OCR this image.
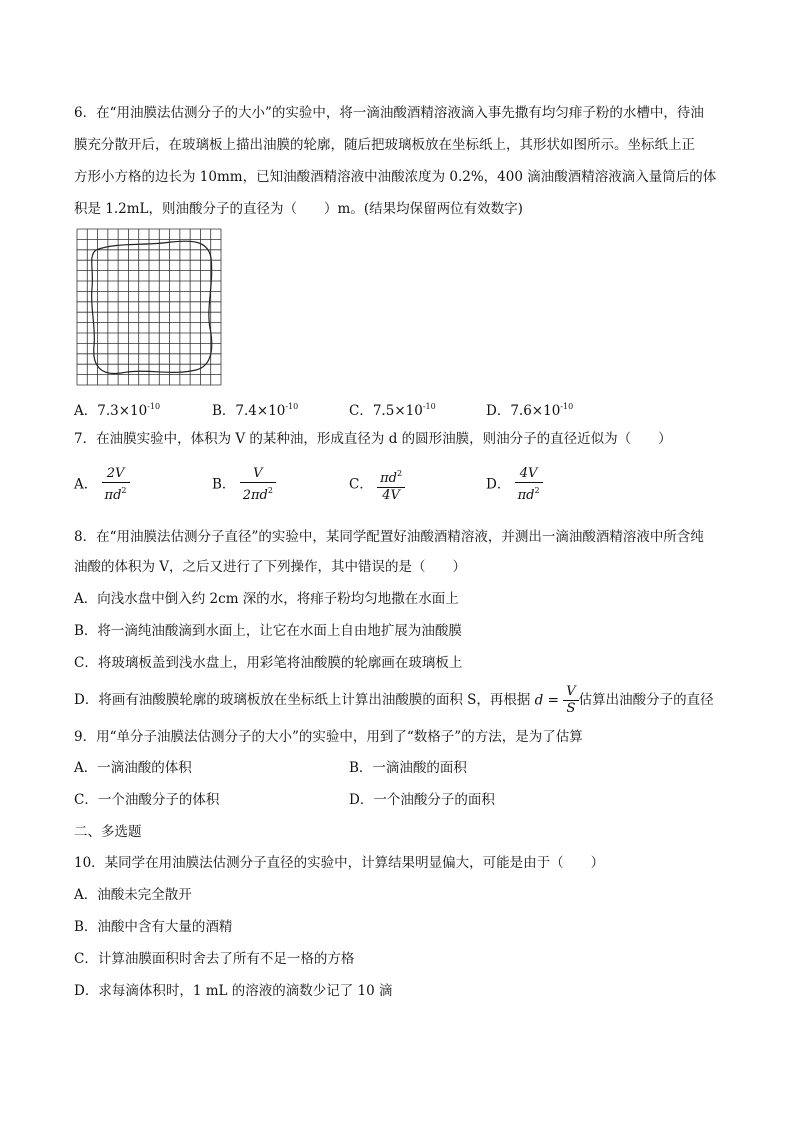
6．在“用油膜法估测分子的大小”的实验中，将一滴油酸酒精溶液滴入事先撒有均匀痱子粉的水槽中，待油
膜充分散开后，在玻璃板上描出油膜的轮廓，随后把玻璃板放在坐标纸上，其形状如图所示。坐标纸上正
方形小方格的边长为 10mm，已知油酸酒精溶液中油酸浓度为 0.2%，400 滴油酸酒精溶液滴入量筒后的体
积是 1.2mL，则油酸分子的直径为（　　）m。(结果均保留两位有效数字)
A．$7.3\times 10^{-10}$	B．$7.4\times 10^{-10}$	C．$7.5\times 10^{-10}$	D．$7.6\times 10^{-10}$
7．在油膜实验中，体积为 V 的某种油，形成直径为 d 的圆形油膜，则油分子的直径近似为（　　）
A． $\frac{2V}{\pi d^2}$	B． $\frac{V}{2\pi d^2}$	C． $\frac{\pi d^2}{4V}$	D． $\frac{4V}{\pi d^2}$
8．在“用油膜法估测分子直径”的实验中，某同学配置好油酸酒精溶液，并测出一滴油酸酒精溶液中所含纯
油酸的体积为 V，之后又进行了下列操作，其中错误的是（　　）
A．向浅水盘中倒入约 2cm 深的水，将痱子粉均匀地撒在水面上
B．将一滴纯油酸滴到水面上，让它在水面上自由地扩展为油酸膜
C．将玻璃板盖到浅水盘上，用彩笔将油酸膜的轮廓画在玻璃板上
D．将画有油酸膜轮廓的玻璃板放在坐标纸上计算出油酸膜的面积 S，再根据 $d = \frac{V}{S}$ 估算出油酸分子的直径
9．用“单分子油膜法估测分子的大小”的实验中，用到了“数格子”的方法，是为了估算
A．一滴油酸的体积	B．一滴油酸的面积
C．一个油酸分子的体积	D．一个油酸分子的面积
二、多选题
10．某同学在用油膜法估测分子直径的实验中，计算结果明显偏大，可能是由于（　　）
A．油酸未完全散开
B．油酸中含有大量的酒精
C．计算油膜面积时舍去了所有不足一格的方格
D．求每滴体积时，1 mL 的溶液的滴数少记了 10 滴
